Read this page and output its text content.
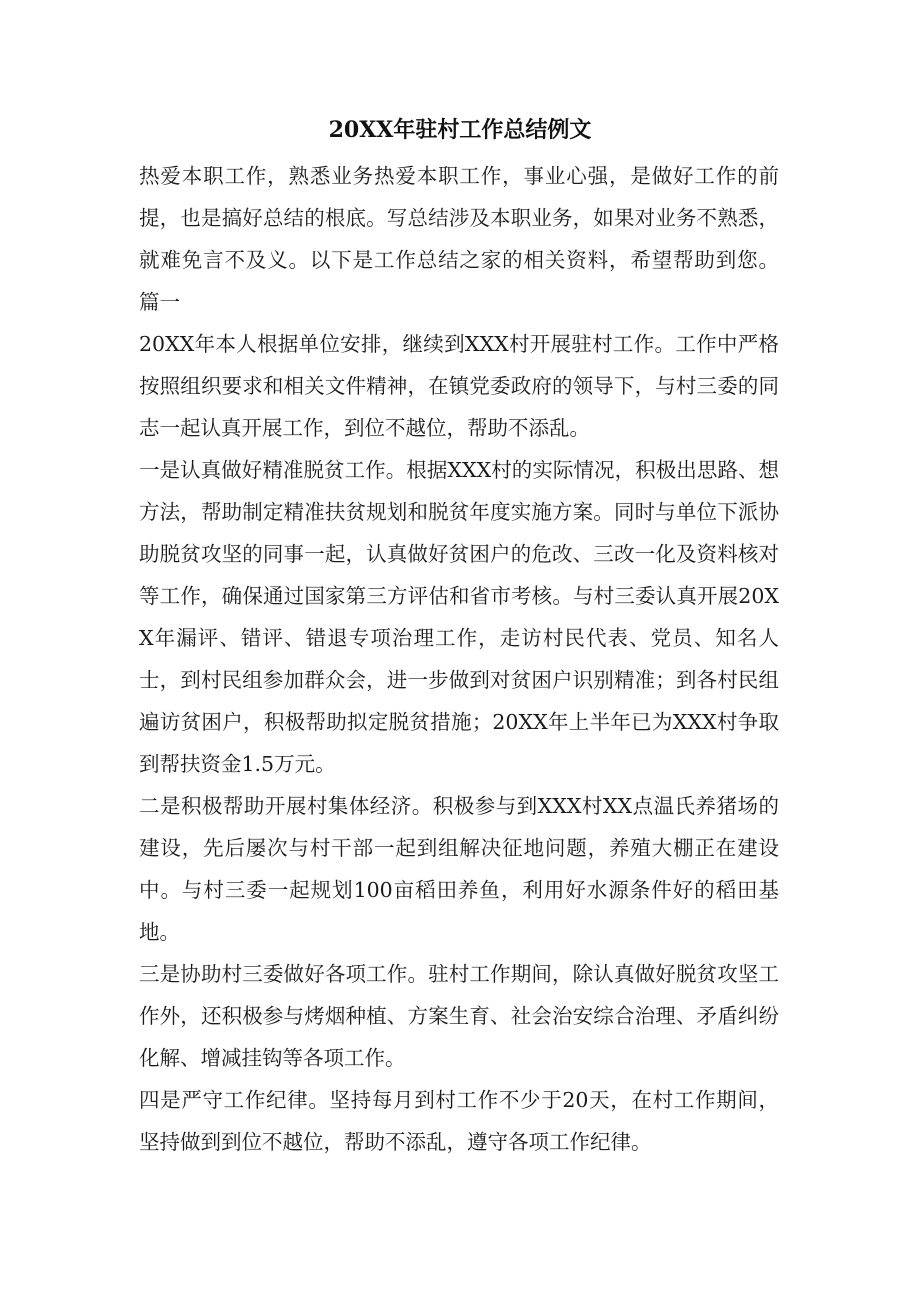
20XX年驻村工作总结例文

热爱本职工作，熟悉业务热爱本职工作，事业心强，是做好工作的前提，也是搞好总结的根底。写总结涉及本职业务，如果对业务不熟悉，就难免言不及义。以下是工作总结之家的相关资料，希望帮助到您。 篇一

20XX年本人根据单位安排，继续到XXX村开展驻村工作。工作中严格按照组织要求和相关文件精神，在镇党委政府的领导下，与村三委的同志一起认真开展工作，到位不越位，帮助不添乱。

一是认真做好精准脱贫工作。根据XXX村的实际情况，积极出思路、想方法，帮助制定精准扶贫规划和脱贫年度实施方案。同时与单位下派协助脱贫攻坚的同事一起，认真做好贫困户的危改、三改一化及资料核对等工作，确保通过国家第三方评估和省市考核。与村三委认真开展20XX年漏评、错评、错退专项治理工作，走访村民代表、党员、知名人士，到村民组参加群众会，进一步做到对贫困户识别精准；到各村民组遍访贫困户，积极帮助拟定脱贫措施；20XX年上半年已为XXX村争取到帮扶资金1.5万元。

二是积极帮助开展村集体经济。积极参与到XXX村XX点温氏养猪场的建设，先后屡次与村干部一起到组解决征地问题，养殖大棚正在建设中。与村三委一起规划100亩稻田养鱼，利用好水源条件好的稻田基地。

三是协助村三委做好各项工作。驻村工作期间，除认真做好脱贫攻坚工作外，还积极参与烤烟种植、方案生育、社会治安综合治理、矛盾纠纷化解、增减挂钩等各项工作。

四是严守工作纪律。坚持每月到村工作不少于20天，在村工作期间，坚持做到到位不越位，帮助不添乱，遵守各项工作纪律。
